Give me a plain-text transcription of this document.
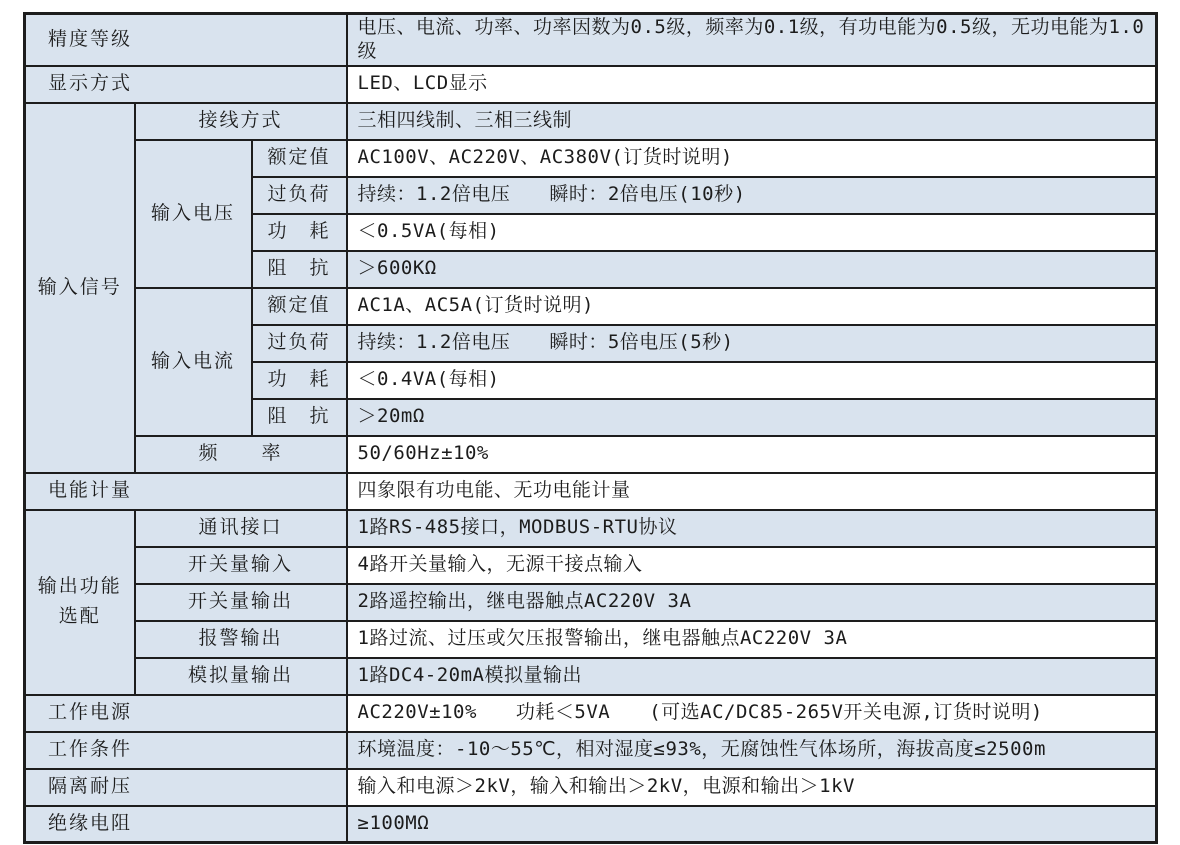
精度等级			电压、电流、功率、功率因数为0.5级，频率为0.1级，有功电能为0.5级，无功电能为1.0级
显示方式			LED、LCD显示
输入信号	接线方式		三相四线制、三相三线制
	输入电压	额定值	AC100V、AC220V、AC380V(订货时说明)
		过负荷	持续：1.2倍电压　　瞬时：2倍电压(10秒)
		功　耗	＜0.5VA(每相)
		阻　抗	＞600KΩ
	输入电流	额定值	AC1A、AC5A(订货时说明)
		过负荷	持续：1.2倍电压　　瞬时：5倍电压(5秒)
		功　耗	＜0.4VA(每相)
		阻　抗	＞20mΩ
	频　　率		50/60Hz±10%
电能计量			四象限有功电能、无功电能计量

输出功能
选配	通讯接口		1路RS-485接口，MODBUS-RTU协议
	开关量输入		4路开关量输入，无源干接点输入
	开关量输出		2路遥控输出，继电器触点AC220V 3A
	报警输出		1路过流、过压或欠压报警输出，继电器触点AC220V 3A
	模拟量输出		1路DC4-20mA模拟量输出
工作电源			AC220V±10%　　功耗＜5VA　　(可选AC/DC85-265V开关电源,订货时说明)
工作条件			环境温度：-10～55℃，相对湿度≤93%，无腐蚀性气体场所，海拔高度≤2500m
隔离耐压			输入和电源＞2kV，输入和输出＞2kV，电源和输出＞1kV
绝缘电阻			≥100MΩ
